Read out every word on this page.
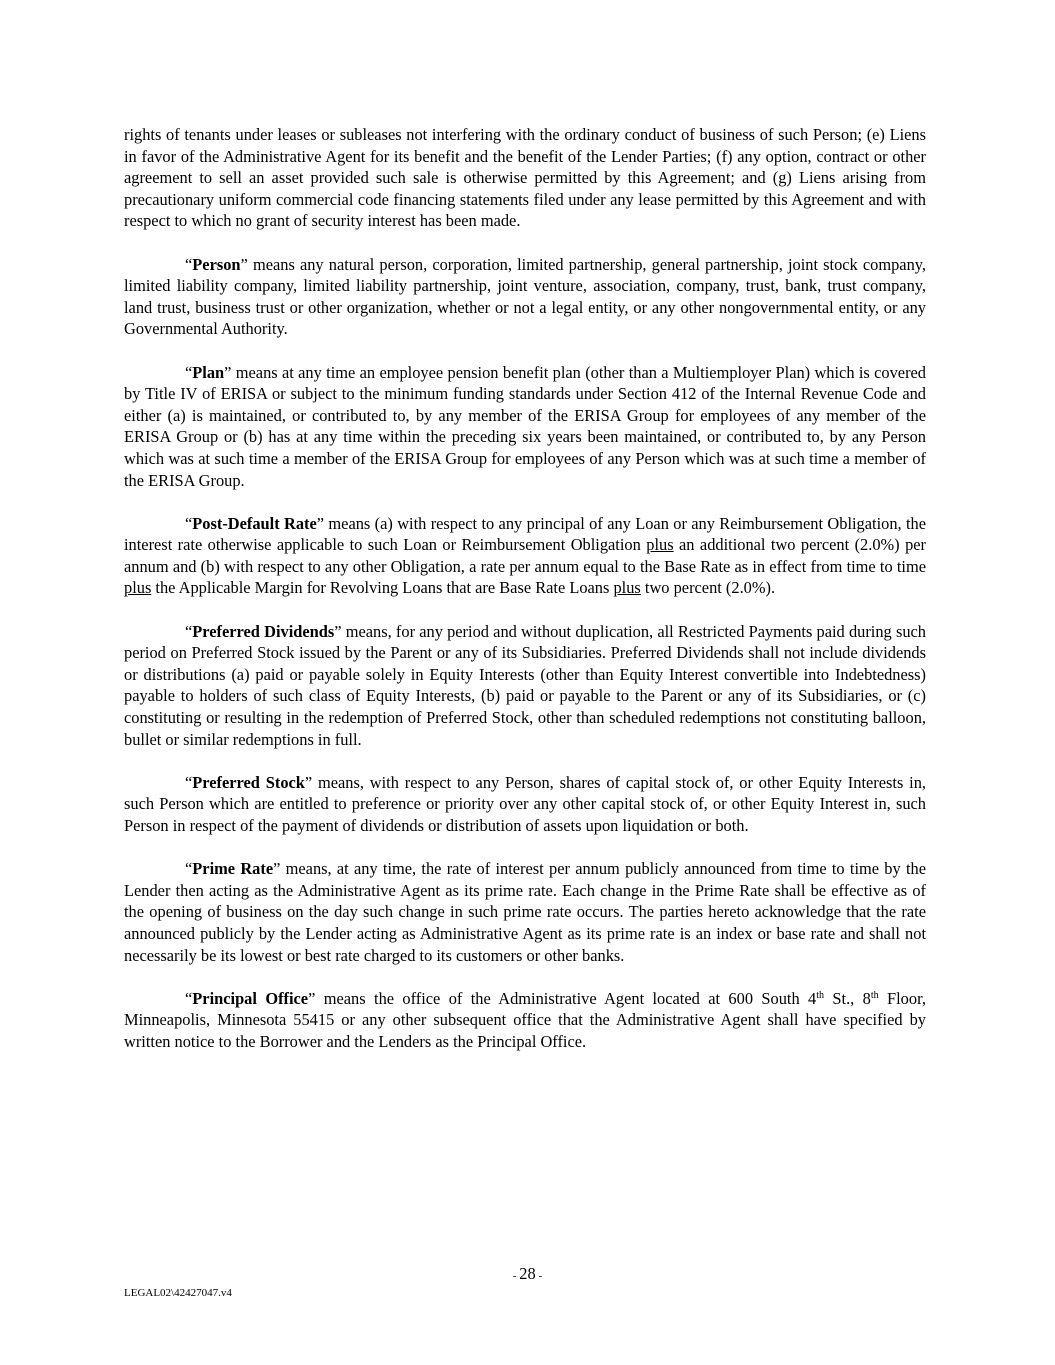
rights of tenants under leases or subleases not interfering with the ordinary conduct of business of such Person; (e) Liens in favor of the Administrative Agent for its benefit and the benefit of the Lender Parties; (f) any option, contract or other agreement to sell an asset provided such sale is otherwise permitted by this Agreement; and (g) Liens arising from precautionary uniform commercial code financing statements filed under any lease permitted by this Agreement and with respect to which no grant of security interest has been made.

“Person” means any natural person, corporation, limited partnership, general partnership, joint stock company, limited liability company, limited liability partnership, joint venture, association, company, trust, bank, trust company, land trust, business trust or other organization, whether or not a legal entity, or any other nongovernmental entity, or any Governmental Authority.

“Plan” means at any time an employee pension benefit plan (other than a Multiemployer Plan) which is covered by Title IV of ERISA or subject to the minimum funding standards under Section 412 of the Internal Revenue Code and either (a) is maintained, or contributed to, by any member of the ERISA Group for employees of any member of the ERISA Group or (b) has at any time within the preceding six years been maintained, or contributed to, by any Person which was at such time a member of the ERISA Group for employees of any Person which was at such time a member of the ERISA Group.

“Post-Default Rate” means (a) with respect to any principal of any Loan or any Reimbursement Obligation, the interest rate otherwise applicable to such Loan or Reimbursement Obligation plus an additional two percent (2.0%) per annum and (b) with respect to any other Obligation, a rate per annum equal to the Base Rate as in effect from time to time plus the Applicable Margin for Revolving Loans that are Base Rate Loans plus two percent (2.0%).

“Preferred Dividends” means, for any period and without duplication, all Restricted Payments paid during such period on Preferred Stock issued by the Parent or any of its Subsidiaries. Preferred Dividends shall not include dividends or distributions (a) paid or payable solely in Equity Interests (other than Equity Interest convertible into Indebtedness) payable to holders of such class of Equity Interests, (b) paid or payable to the Parent or any of its Subsidiaries, or (c) constituting or resulting in the redemption of Preferred Stock, other than scheduled redemptions not constituting balloon, bullet or similar redemptions in full.

“Preferred Stock” means, with respect to any Person, shares of capital stock of, or other Equity Interests in, such Person which are entitled to preference or priority over any other capital stock of, or other Equity Interest in, such Person in respect of the payment of dividends or distribution of assets upon liquidation or both.

“Prime Rate” means, at any time, the rate of interest per annum publicly announced from time to time by the Lender then acting as the Administrative Agent as its prime rate. Each change in the Prime Rate shall be effective as of the opening of business on the day such change in such prime rate occurs. The parties hereto acknowledge that the rate announced publicly by the Lender acting as Administrative Agent as its prime rate is an index or base rate and shall not necessarily be its lowest or best rate charged to its customers or other banks.

“Principal Office” means the office of the Administrative Agent located at 600 South 4th St., 8th Floor, Minneapolis, Minnesota 55415 or any other subsequent office that the Administrative Agent shall have specified by written notice to the Borrower and the Lenders as the Principal Office.

- 28 -
LEGAL02\42427047.v4
